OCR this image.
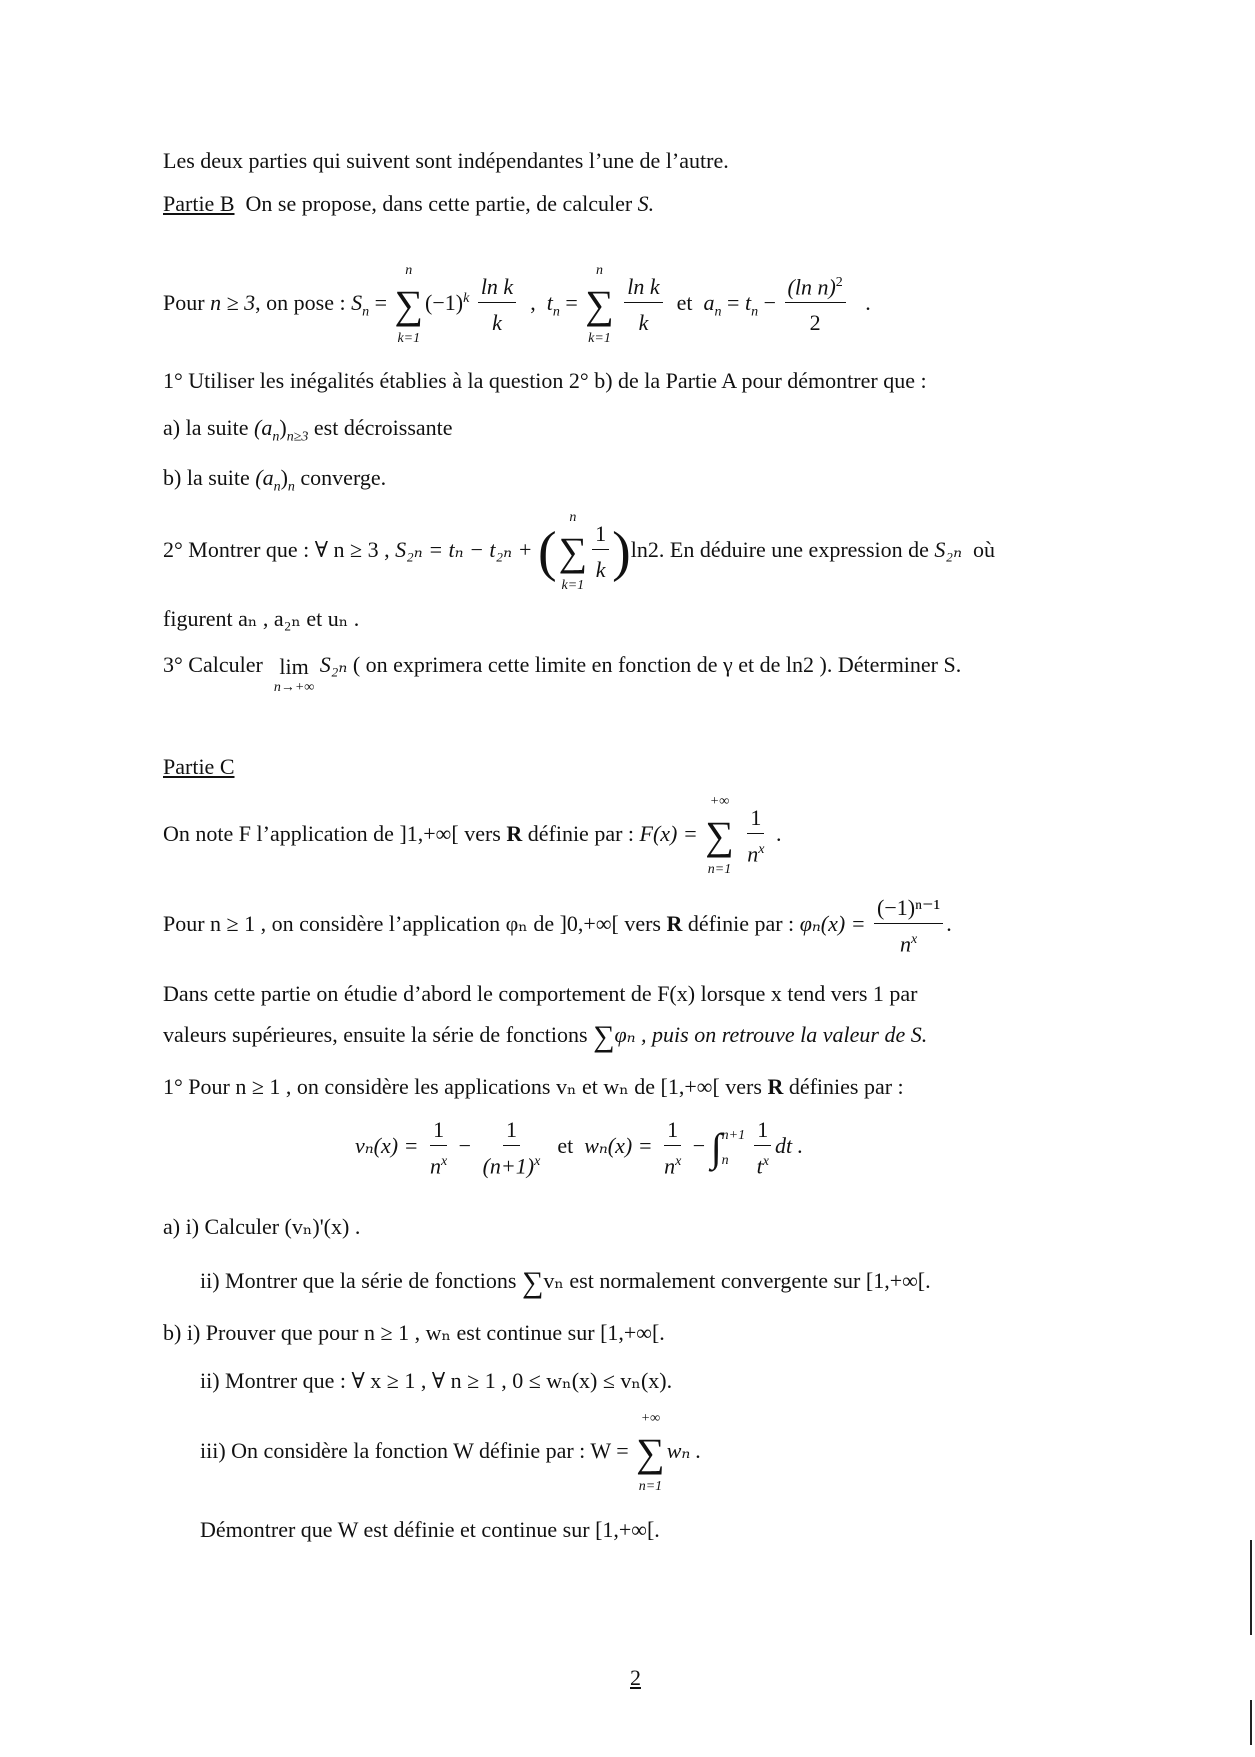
Les deux parties qui suivent sont indépendantes l’une de l’autre.
Partie B On se propose, dans cette partie, de calculer S.
Pour n ≥ 3, on pose : $S_n$ =
n
∑
k=1
$(-1)^k \frac{\text{ln k}}{k}$ , $t_n$ =
n
∑
k=1

$\frac{\text{ln k}}{k}$ et $a_n = t_n - \frac{(\ln n)^2}{2}$ .
1° Utiliser les inégalités établies à la question 2° b) de la Partie A pour démontrer que :
a) la suite $(a_n)_{n\ge 3}$ est décroissante
b) la suite $(a_n)_n$ converge.
2° Montrer que : ∀ n ≥ 3 , S₂ₙ = tₙ − t₂ₙ + (
n
∑
k=1
$\frac{1}{k} )\ln 2$. En déduire une expression de S₂ₙ où
figurent aₙ , a₂ₙ et uₙ .
3° Calculer lim
n→+∞
S₂ₙ ( on exprimera cette limite en fonction de γ et de ln2 ). Déterminer S.
Partie C
On note F l’application de ]1,+∞[ vers R définie par : F(x) =
+∞
∑
n=1

$\frac{1}{n^x}$ .
Pour n ≥ 1 , on considère l’application φₙ de ]0,+∞[ vers R définie par : $\varphi_n(x) = \frac{\text{(−1)ⁿ⁻¹}}{n^x}$ .
Dans cette partie on étudie d’abord le comportement de F(x) lorsque x tend vers 1 par
valeurs supérieures, ensuite la série de fonctions ∑φₙ , puis on retrouve la valeur de S.
1° Pour n ≥ 1 , on considère les applications vₙ et wₙ de [1,+∞[ vers R définies par :
$v_n(x) = \frac{1}{n^x} - \frac{1}{(n+1)^x}$ et $w_n(x) = \frac{1}{n^x}$ − ∫ n+1
n
	$\frac{1}{t^x}$ dt .
a) i) Calculer (vₙ)'(x) .
ii) Montrer que la série de fonctions ∑vₙ est normalement convergente sur [1,+∞[.
b) i) Prouver que pour n ≥ 1 , wₙ est continue sur [1,+∞[.
ii) Montrer que : ∀ x ≥ 1 , ∀ n ≥ 1 , 0 ≤ wₙ(x) ≤ vₙ(x).
iii) On considère la fonction W définie par : W =
+∞
∑
n=1
wₙ .
Démontrer que W est définie et continue sur [1,+∞[.
2
